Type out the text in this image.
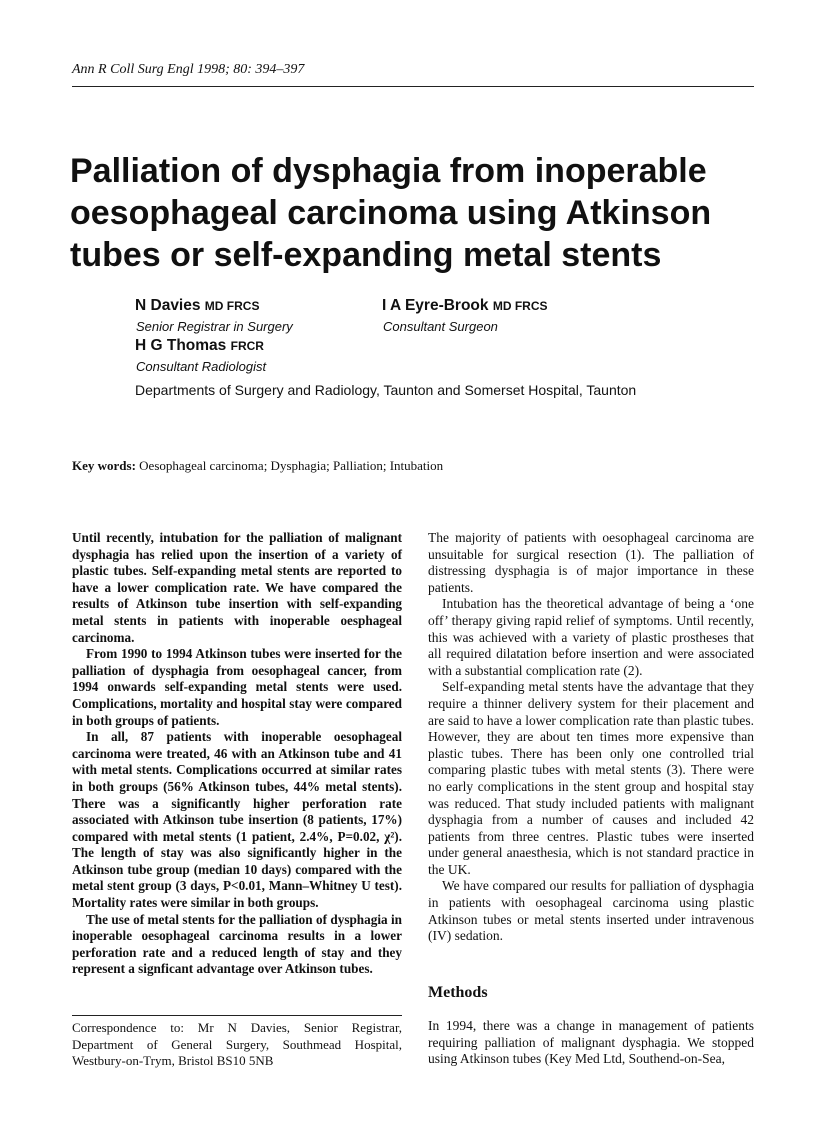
Ann R Coll Surg Engl 1998; 80: 394–397
Palliation of dysphagia from inoperable oesophageal carcinoma using Atkinson tubes or self-expanding metal stents
N Davies MD FRCS
Senior Registrar in Surgery
I A Eyre-Brook MD FRCS
Consultant Surgeon
H G Thomas FRCR
Consultant Radiologist
Departments of Surgery and Radiology, Taunton and Somerset Hospital, Taunton
Key words: Oesophageal carcinoma; Dysphagia; Palliation; Intubation

Until recently, intubation for the palliation of malignant dysphagia has relied upon the insertion of a variety of plastic tubes. Self-expanding metal stents are reported to have a lower complication rate. We have compared the results of Atkinson tube insertion with self-expanding metal stents in patients with inoperable oesphageal carcinoma.

From 1990 to 1994 Atkinson tubes were inserted for the palliation of dysphagia from oesophageal cancer, from 1994 onwards self-expanding metal stents were used. Complications, mortality and hospital stay were compared in both groups of patients.

In all, 87 patients with inoperable oesophageal carcinoma were treated, 46 with an Atkinson tube and 41 with metal stents. Complications occurred at similar rates in both groups (56% Atkinson tubes, 44% metal stents). There was a significantly higher perforation rate associated with Atkinson tube insertion (8 patients, 17%) compared with metal stents (1 patient, 2.4%, P=0.02, χ²). The length of stay was also significantly higher in the Atkinson tube group (median 10 days) compared with the metal stent group (3 days, P<0.01, Mann–Whitney U test). Mortality rates were similar in both groups.

The use of metal stents for the palliation of dysphagia in inoperable oesophageal carcinoma results in a lower perforation rate and a reduced length of stay and they represent a signficant advantage over Atkinson tubes.

The majority of patients with oesophageal carcinoma are unsuitable for surgical resection (1). The palliation of distressing dysphagia is of major importance in these patients.

Intubation has the theoretical advantage of being a ‘one off’ therapy giving rapid relief of symptoms. Until recently, this was achieved with a variety of plastic prostheses that all required dilatation before insertion and were associated with a substantial complication rate (2).

Self-expanding metal stents have the advantage that they require a thinner delivery system for their placement and are said to have a lower complication rate than plastic tubes. However, they are about ten times more expensive than plastic tubes. There has been only one controlled trial comparing plastic tubes with metal stents (3). There were no early complications in the stent group and hospital stay was reduced. That study included patients with malignant dysphagia from a number of causes and included 42 patients from three centres. Plastic tubes were inserted under general anaesthesia, which is not standard practice in the UK.

We have compared our results for palliation of dysphagia in patients with oesophageal carcinoma using plastic Atkinson tubes or metal stents inserted under intravenous (IV) sedation.

Methods

In 1994, there was a change in management of patients requiring palliation of malignant dysphagia. We stopped using Atkinson tubes (Key Med Ltd, Southend-on-Sea,

Correspondence to: Mr N Davies, Senior Registrar, Department of General Surgery, Southmead Hospital, Westbury-on-Trym, Bristol BS10 5NB
